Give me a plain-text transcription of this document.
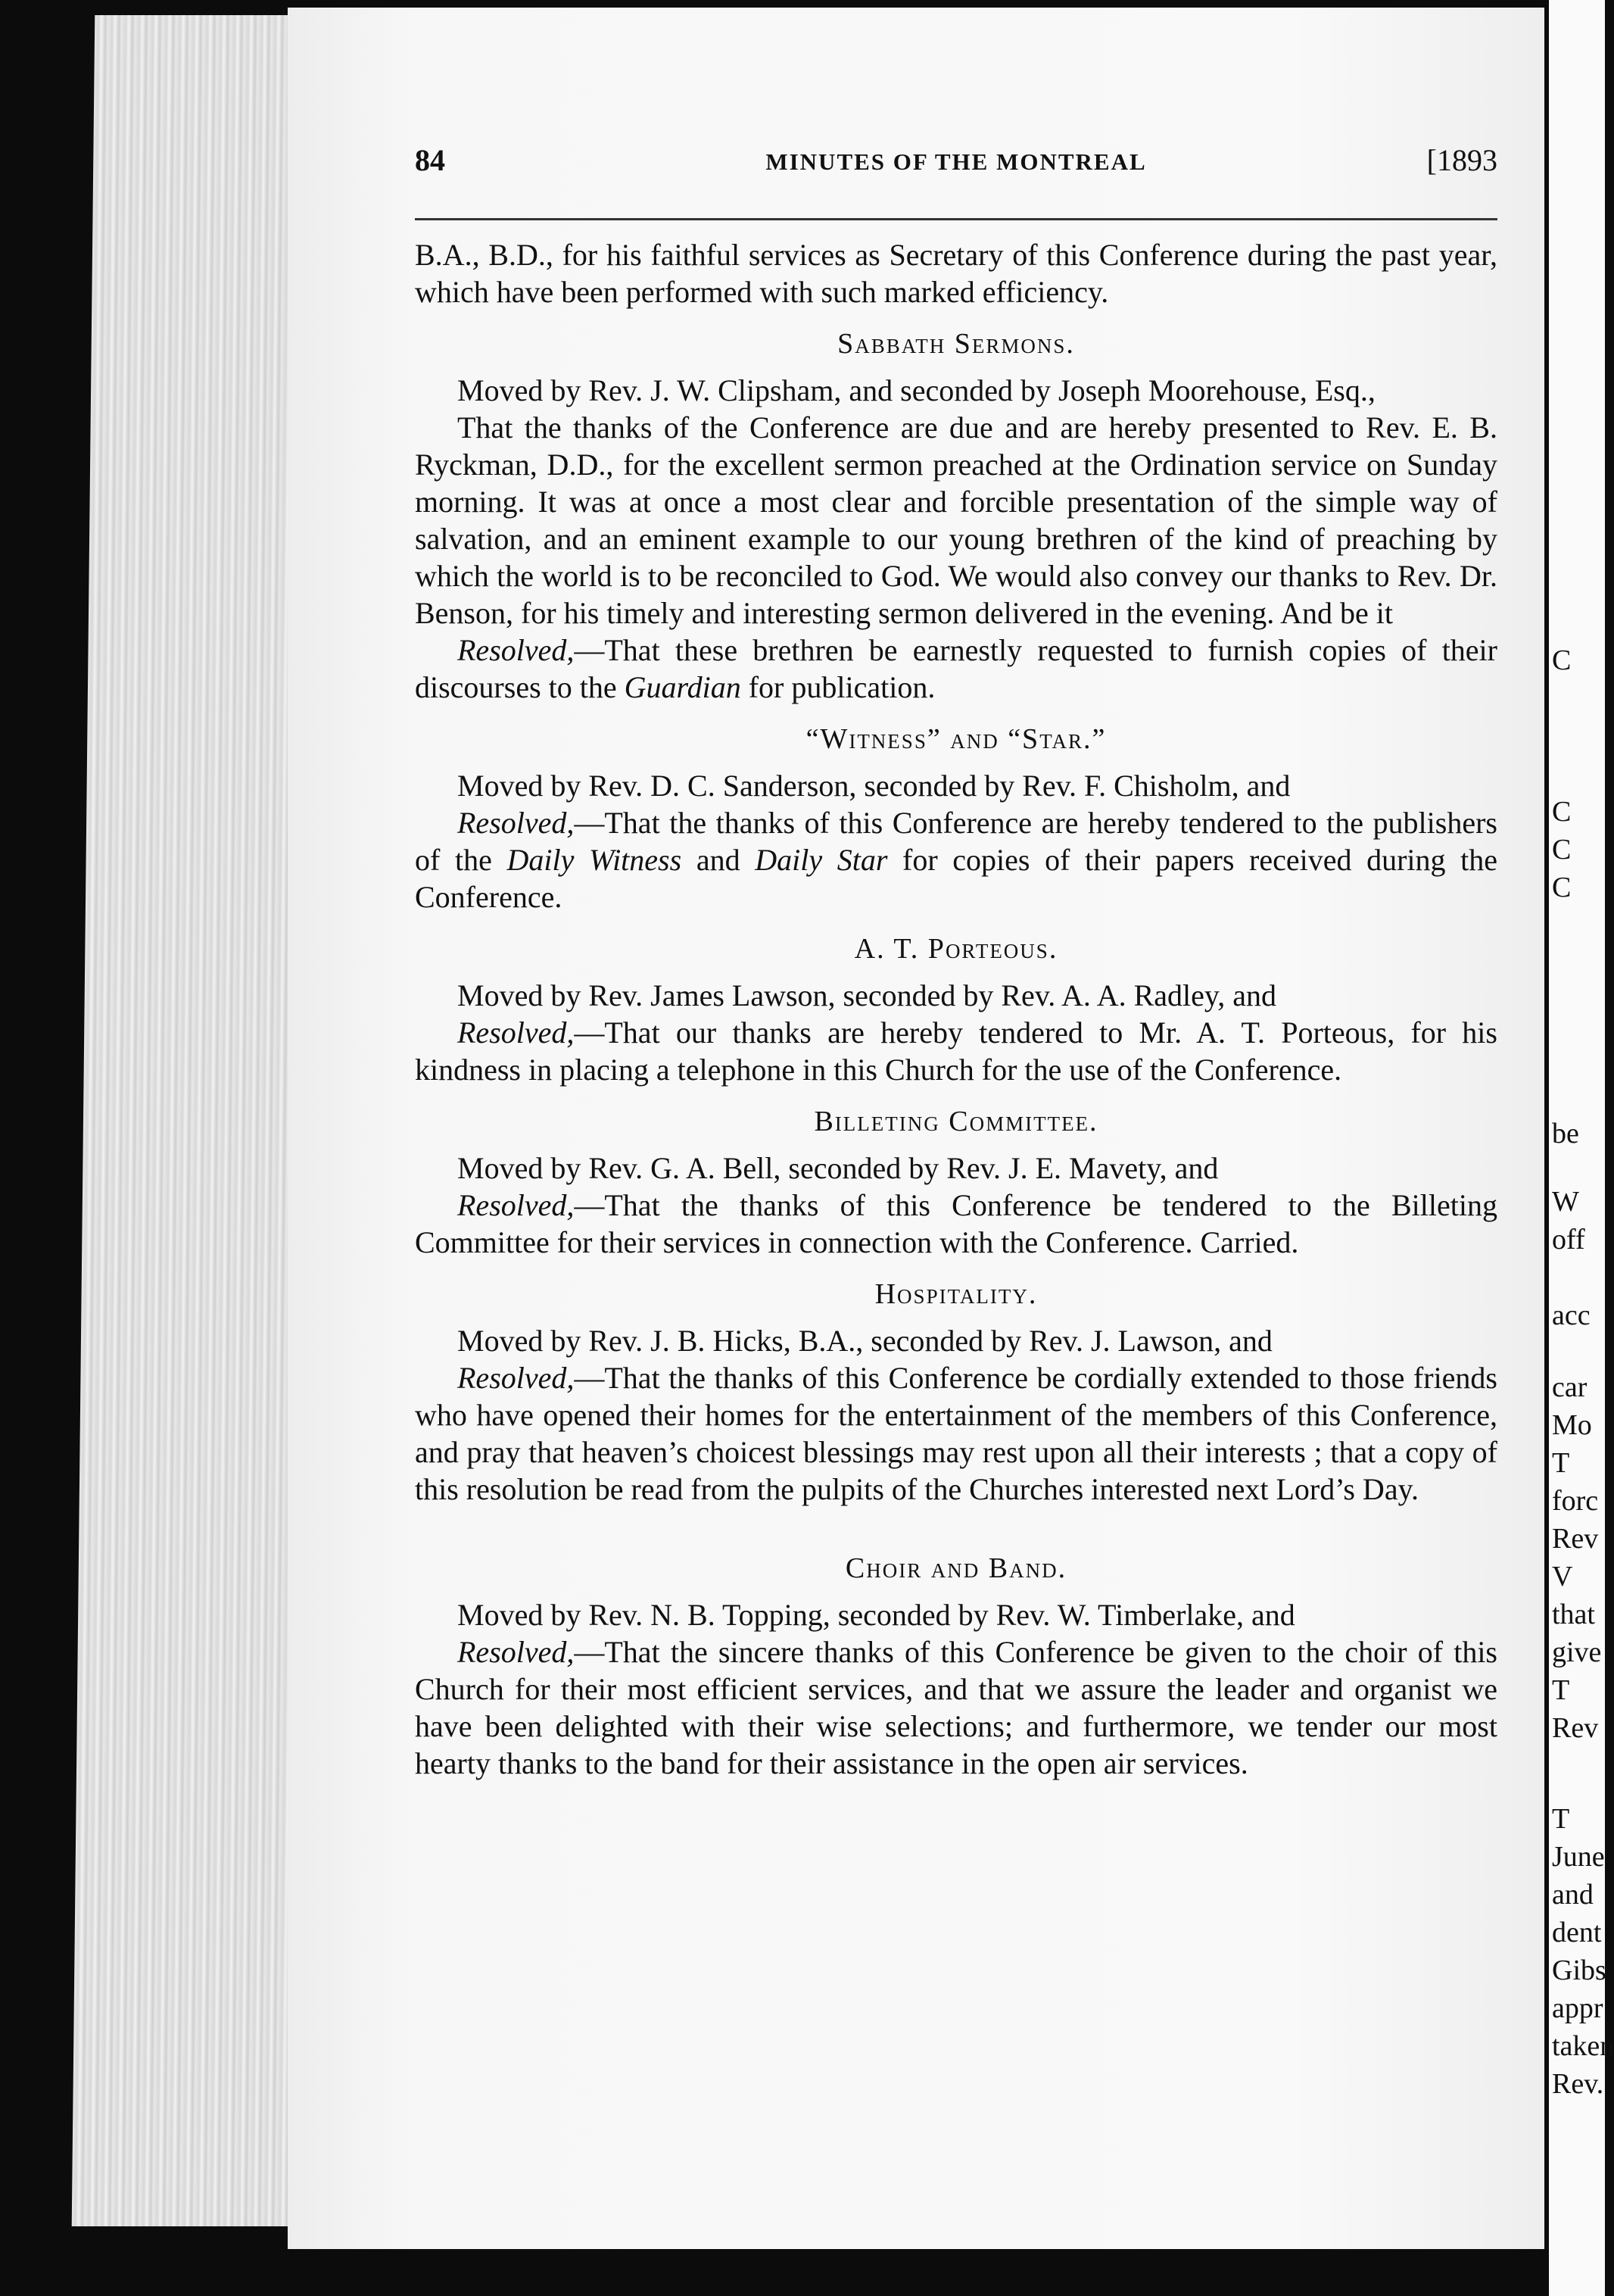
C
C
C
C
be
W
off
acc
car
Mo
T
forc
Rev
V
that
give
T
Rev
T
June
and
dent
Gibs
appr
taken
Rev.
84	MINUTES OF THE MONTREAL	[1893

B.A., B.D., for his faithful services as Secretary of this Conference during the past year, which have been performed with such marked efficiency.

Sabbath Sermons.

Moved by Rev. J. W. Clipsham, and seconded by Joseph Moorehouse, Esq.,

That the thanks of the Conference are due and are hereby presented to Rev. E. B. Ryckman, D.D., for the excellent sermon preached at the Ordination service on Sunday morning. It was at once a most clear and forcible presentation of the simple way of salvation, and an eminent example to our young brethren of the kind of preaching by which the world is to be reconciled to God. We would also convey our thanks to Rev. Dr. Benson, for his timely and interesting sermon delivered in the evening. And be it

Resolved,—That these brethren be earnestly requested to furnish copies of their discourses to the Guardian for publication.

“Witness” and “Star.”

Moved by Rev. D. C. Sanderson, seconded by Rev. F. Chisholm, and

Resolved,—That the thanks of this Conference are hereby tendered to the publishers of the Daily Witness and Daily Star for copies of their papers received during the Conference.

A. T. Porteous.

Moved by Rev. James Lawson, seconded by Rev. A. A. Radley, and

Resolved,—That our thanks are hereby tendered to Mr. A. T. Porteous, for his kindness in placing a telephone in this Church for the use of the Conference.

Billeting Committee.

Moved by Rev. G. A. Bell, seconded by Rev. J. E. Mavety, and

Resolved,—That the thanks of this Conference be tendered to the Billeting Committee for their services in connection with the Conference. Carried.

Hospitality.

Moved by Rev. J. B. Hicks, B.A., seconded by Rev. J. Lawson, and

Resolved,—That the thanks of this Conference be cordially extended to those friends who have opened their homes for the entertainment of the members of this Conference, and pray that heaven’s choicest blessings may rest upon all their interests ; that a copy of this resolution be read from the pulpits of the Churches interested next Lord’s Day.

Choir and Band.

Moved by Rev. N. B. Topping, seconded by Rev. W. Timberlake, and

Resolved,—That the sincere thanks of this Conference be given to the choir of this Church for their most efficient services, and that we assure the leader and organist we have been delighted with their wise selections; and furthermore, we tender our most hearty thanks to the band for their assistance in the open air services.
